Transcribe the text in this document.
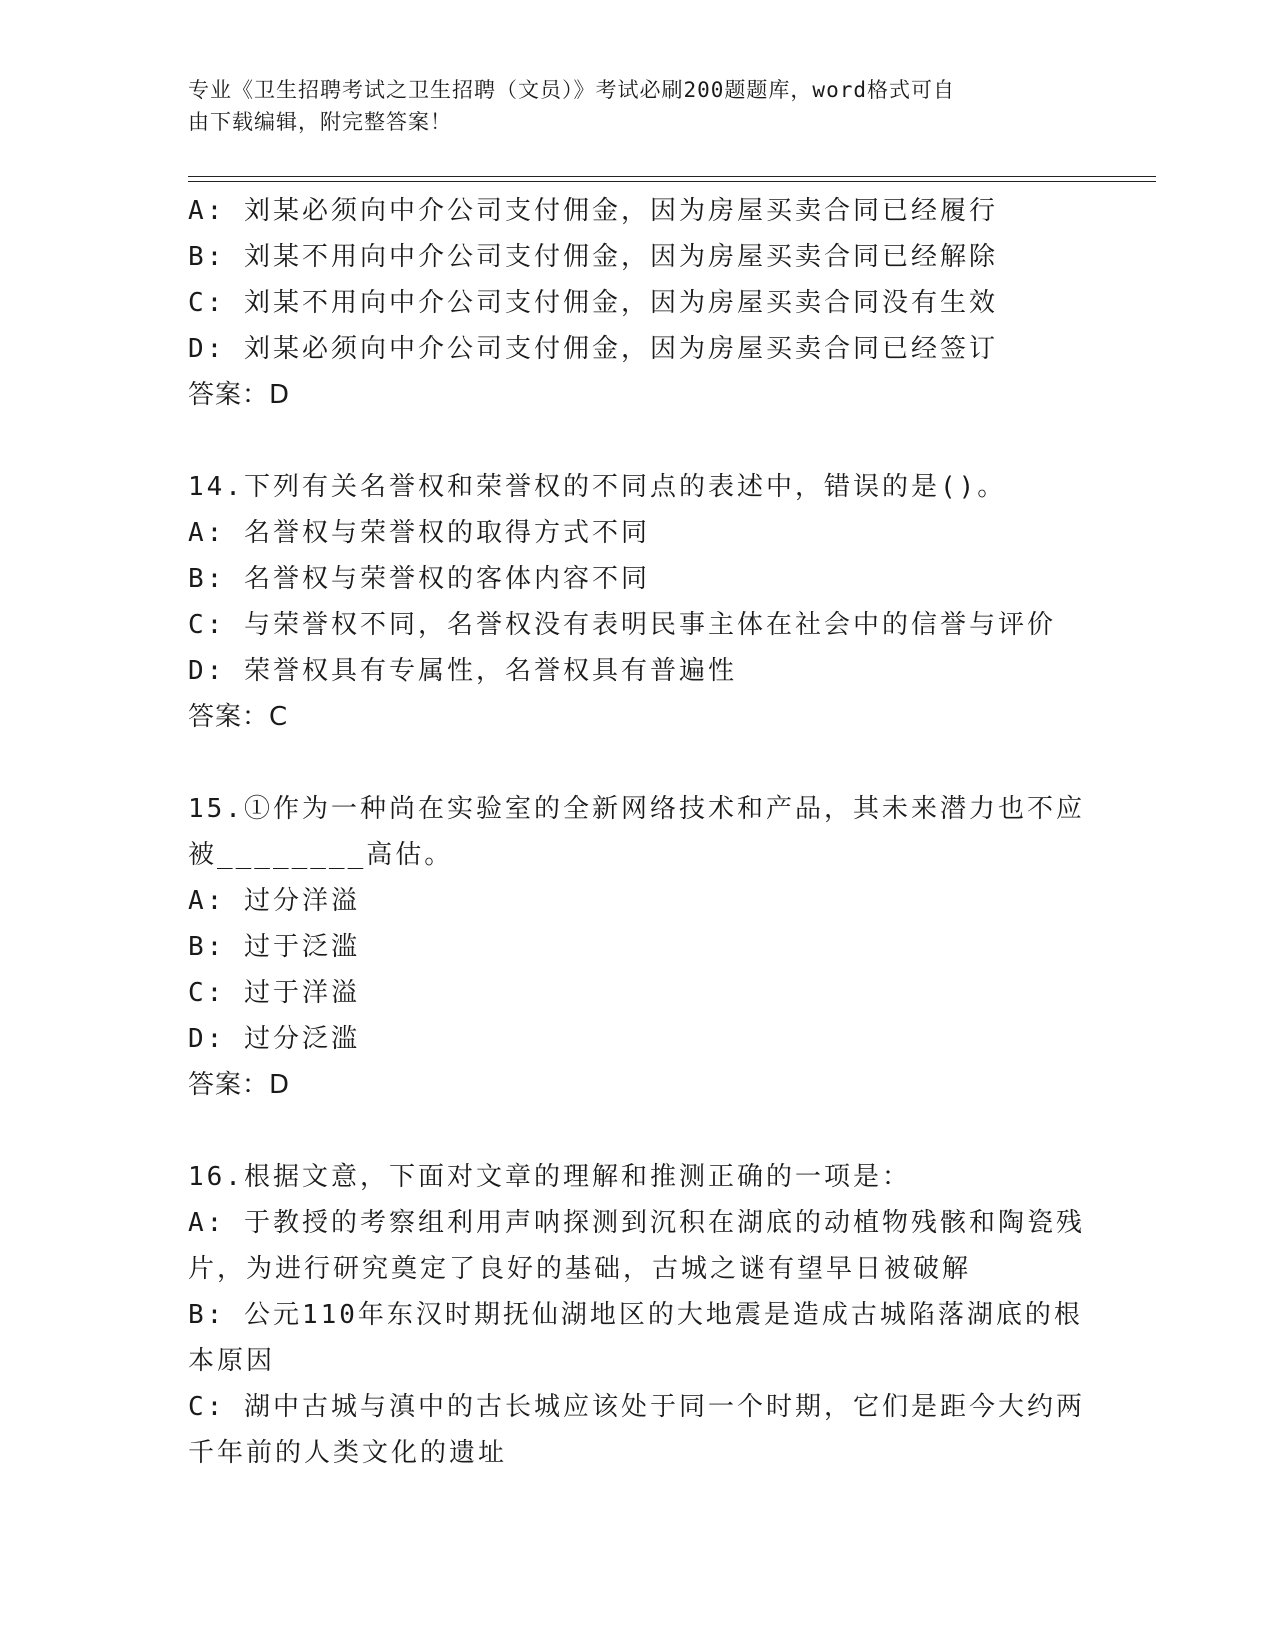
专业《卫生招聘考试之卫生招聘（文员）》考试必刷200题题库，word格式可自
由下载编辑，附完整答案！
A: 刘某必须向中介公司支付佣金，因为房屋买卖合同已经履行
B: 刘某不用向中介公司支付佣金，因为房屋买卖合同已经解除
C: 刘某不用向中介公司支付佣金，因为房屋买卖合同没有生效
D: 刘某必须向中介公司支付佣金，因为房屋买卖合同已经签订
答案：D
14.下列有关名誉权和荣誉权的不同点的表述中，错误的是()。
A: 名誉权与荣誉权的取得方式不同
B: 名誉权与荣誉权的客体内容不同
C: 与荣誉权不同，名誉权没有表明民事主体在社会中的信誉与评价
D: 荣誉权具有专属性，名誉权具有普遍性
答案：C
15.①作为一种尚在实验室的全新网络技术和产品，其未来潜力也不应
被________高估。
A: 过分洋溢
B: 过于泛滥
C: 过于洋溢
D: 过分泛滥
答案：D
16.根据文意，下面对文章的理解和推测正确的一项是：
A: 于教授的考察组利用声呐探测到沉积在湖底的动植物残骸和陶瓷残
片，为进行研究奠定了良好的基础，古城之谜有望早日被破解
B: 公元110年东汉时期抚仙湖地区的大地震是造成古城陷落湖底的根
本原因
C: 湖中古城与滇中的古长城应该处于同一个时期，它们是距今大约两
千年前的人类文化的遗址
